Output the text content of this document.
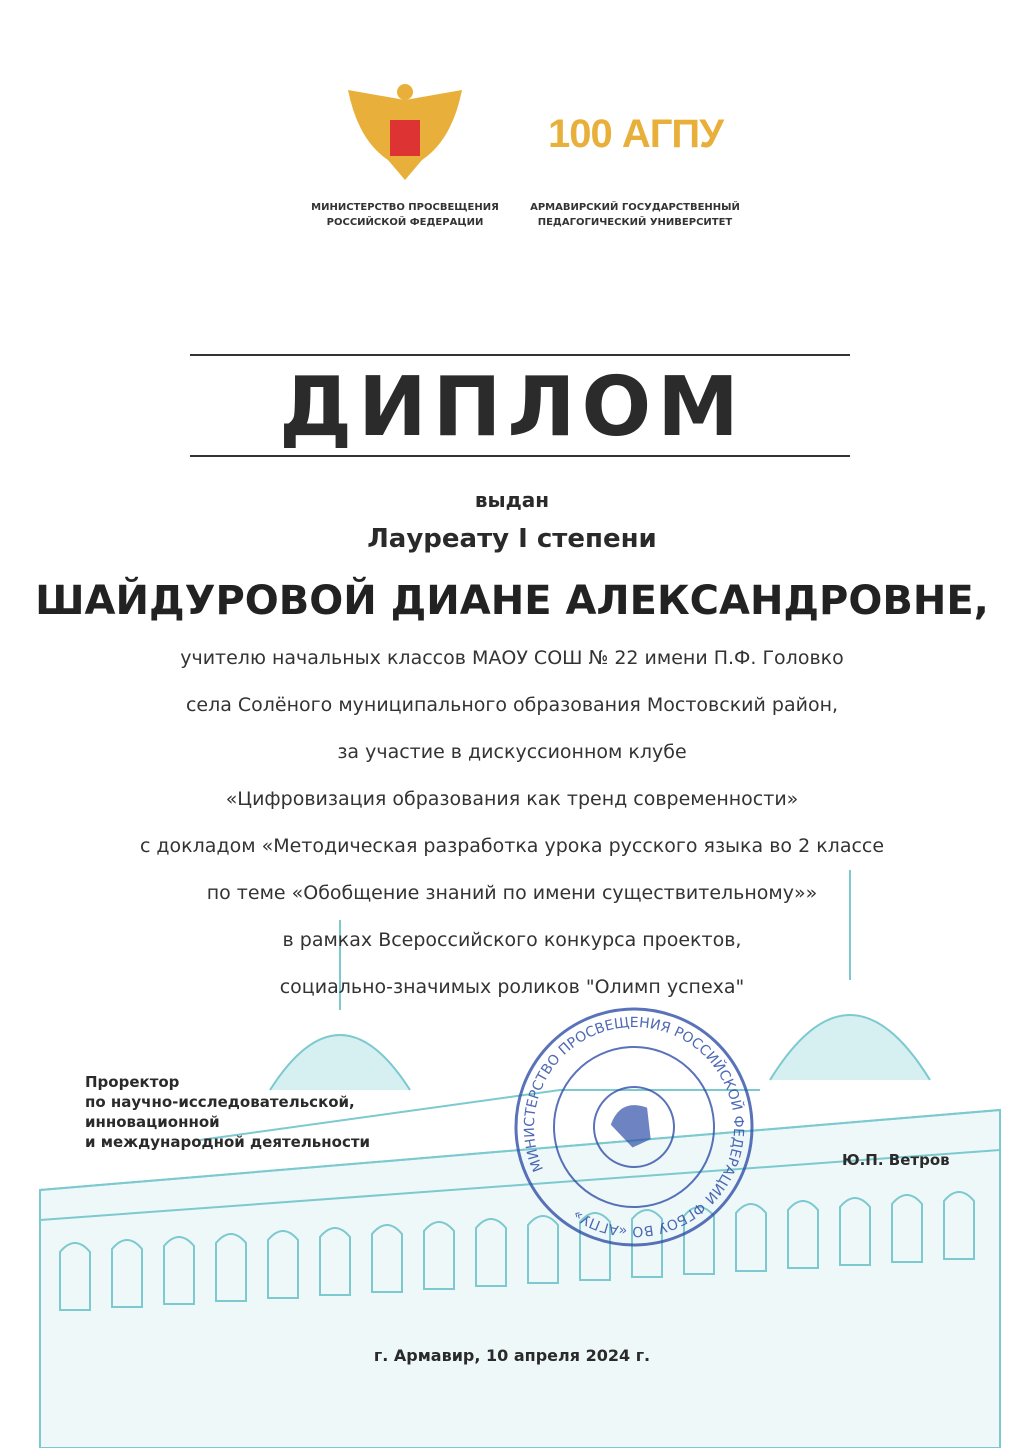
100 АГПУ
МИНИСТЕРСТВО ПРОСВЕЩЕНИЯ
РОССИЙСКОЙ ФЕДЕРАЦИИ
АРМАВИРСКИЙ ГОСУДАРСТВЕННЫЙ
ПЕДАГОГИЧЕСКИЙ УНИВЕРСИТЕТ
ДИПЛОМ
выдан
Лауреату I степени
ШАЙДУРОВОЙ ДИАНЕ АЛЕКСАНДРОВНЕ,
учителю начальных классов МАОУ СОШ № 22 имени П.Ф. Головко
села Солёного муниципального образования Мостовский район,
за участие в дискуссионном клубе
«Цифровизация образования как тренд современности»
с докладом «Методическая разработка урока русского языка во 2 классе
по теме «Обобщение знаний по имени существительному»»
в рамках Всероссийского конкурса проектов,
социально-значимых роликов "Олимп успеха"
Проректор
по научно-исследовательской,
инновационной
и международной деятельности
Ю.П. Ветров
МИНИСТЕРСТВО ПРОСВЕЩЕНИЯ РОССИЙСКОЙ ФЕДЕРАЦИИ ФГБОУ ВО «АГПУ»
г. Армавир, 10 апреля 2024 г.
